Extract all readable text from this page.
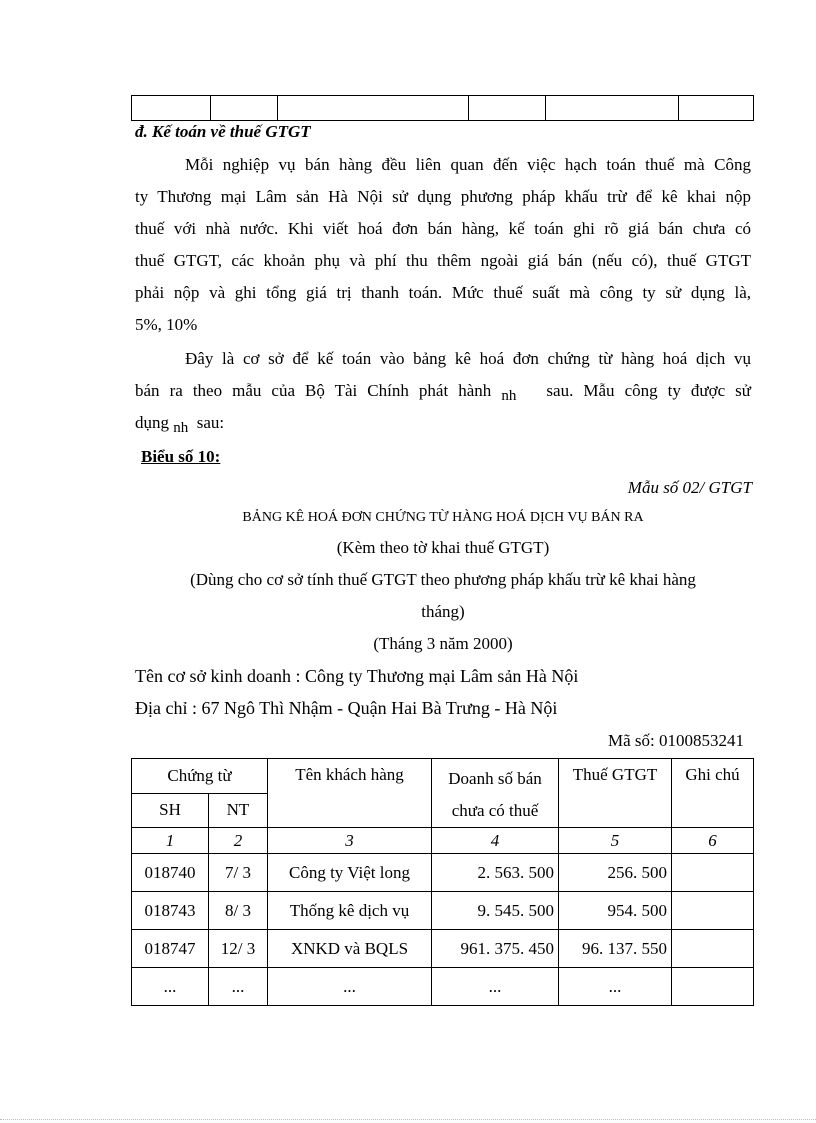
đ. Kế toán về thuế GTGT
Mỗi nghiệp vụ bán hàng đều liên quan đến việc hạch toán thuế mà Công
ty Thương mại Lâm sản Hà Nội sử dụng phương pháp khấu trừ để kê khai nộp
thuế với nhà nước. Khi viết hoá đơn bán hàng, kế toán ghi rõ giá bán chưa có
thuế GTGT, các khoản phụ và phí thu thêm ngoài giá bán (nếu có), thuế GTGT
phải nộp và ghi tổng giá trị thanh toán. Mức thuế suất mà công ty sử dụng là,
5%, 10%
Đây là cơ sở để kế toán vào bảng kê hoá đơn chứng từ hàng hoá dịch vụ
bán ra theo mẫu của Bộ Tài Chính phát hành nh sau. Mẫu công ty được sử
dụng nh sau:
Biểu số 10:
Mẫu số 02/ GTGT
BẢNG KÊ HOÁ ĐƠN CHỨNG TỪ HÀNG HOÁ DỊCH VỤ BÁN RA
(Kèm theo tờ khai thuế GTGT)
(Dùng cho cơ sở tính thuế GTGT theo phương pháp khấu trừ kê khai hàng
tháng)
(Tháng 3 năm 2000)
Tên cơ sở kinh doanh : Công ty Thương mại Lâm sản Hà Nội
Địa chỉ : 67 Ngô Thì Nhậm - Quận Hai Bà Trưng - Hà Nội
Mã số: 0100853241
Chứng từ		Tên khách hàng	Doanh số bán chưa có thuế	Thuế GTGT	Ghi chú
SH	NT				
1	2	3	4	5	6
018740	7/ 3	Công ty Việt long	2. 563. 500	256. 500	
018743	8/ 3	Thống kê dịch vụ	9. 545. 500	954. 500	
018747	12/ 3	XNKD và BQLS	961. 375. 450	96. 137. 550	
...	...	...	...	...	
